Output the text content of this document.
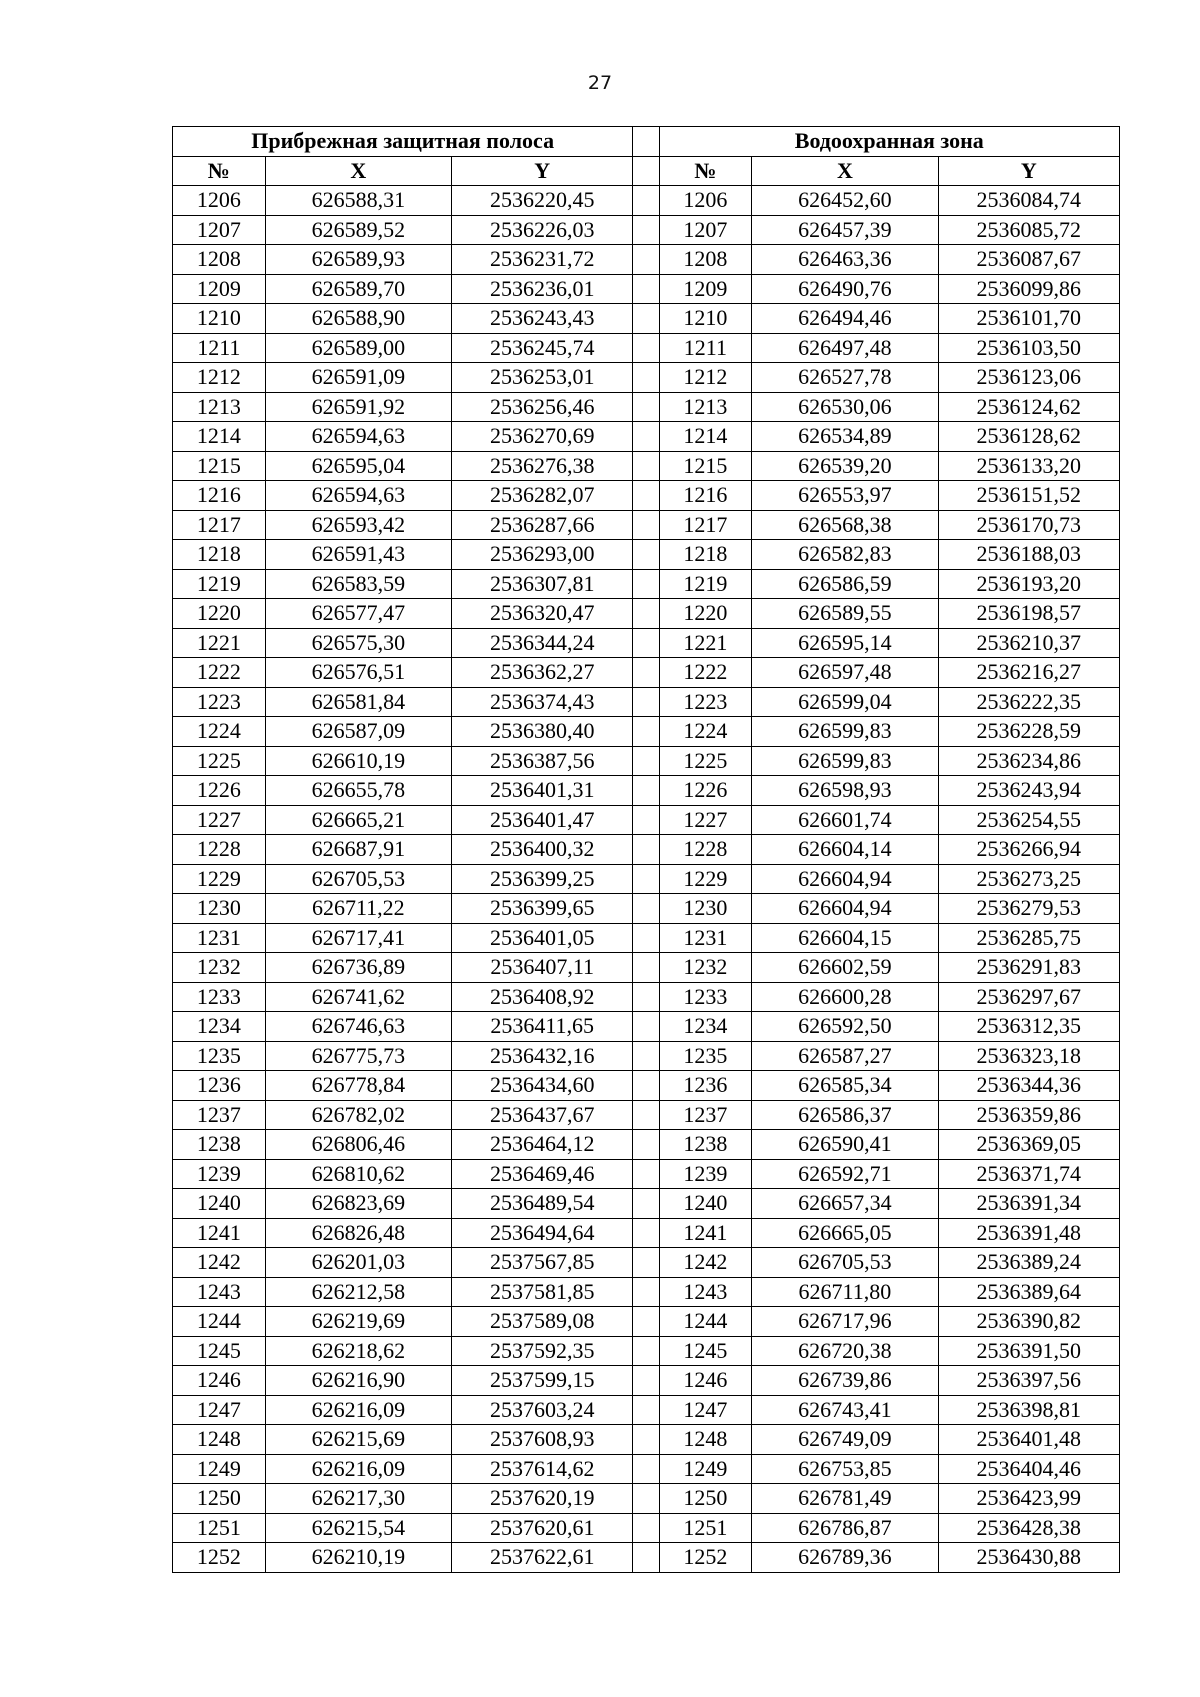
27
Прибрежная защитная полоса				Водоохранная зона		
№	X	Y		№	X	Y
1206	626588,31	2536220,45		1206	626452,60	2536084,74
1207	626589,52	2536226,03		1207	626457,39	2536085,72
1208	626589,93	2536231,72		1208	626463,36	2536087,67
1209	626589,70	2536236,01		1209	626490,76	2536099,86
1210	626588,90	2536243,43		1210	626494,46	2536101,70
1211	626589,00	2536245,74		1211	626497,48	2536103,50
1212	626591,09	2536253,01		1212	626527,78	2536123,06
1213	626591,92	2536256,46		1213	626530,06	2536124,62
1214	626594,63	2536270,69		1214	626534,89	2536128,62
1215	626595,04	2536276,38		1215	626539,20	2536133,20
1216	626594,63	2536282,07		1216	626553,97	2536151,52
1217	626593,42	2536287,66		1217	626568,38	2536170,73
1218	626591,43	2536293,00		1218	626582,83	2536188,03
1219	626583,59	2536307,81		1219	626586,59	2536193,20
1220	626577,47	2536320,47		1220	626589,55	2536198,57
1221	626575,30	2536344,24		1221	626595,14	2536210,37
1222	626576,51	2536362,27		1222	626597,48	2536216,27
1223	626581,84	2536374,43		1223	626599,04	2536222,35
1224	626587,09	2536380,40		1224	626599,83	2536228,59
1225	626610,19	2536387,56		1225	626599,83	2536234,86
1226	626655,78	2536401,31		1226	626598,93	2536243,94
1227	626665,21	2536401,47		1227	626601,74	2536254,55
1228	626687,91	2536400,32		1228	626604,14	2536266,94
1229	626705,53	2536399,25		1229	626604,94	2536273,25
1230	626711,22	2536399,65		1230	626604,94	2536279,53
1231	626717,41	2536401,05		1231	626604,15	2536285,75
1232	626736,89	2536407,11		1232	626602,59	2536291,83
1233	626741,62	2536408,92		1233	626600,28	2536297,67
1234	626746,63	2536411,65		1234	626592,50	2536312,35
1235	626775,73	2536432,16		1235	626587,27	2536323,18
1236	626778,84	2536434,60		1236	626585,34	2536344,36
1237	626782,02	2536437,67		1237	626586,37	2536359,86
1238	626806,46	2536464,12		1238	626590,41	2536369,05
1239	626810,62	2536469,46		1239	626592,71	2536371,74
1240	626823,69	2536489,54		1240	626657,34	2536391,34
1241	626826,48	2536494,64		1241	626665,05	2536391,48
1242	626201,03	2537567,85		1242	626705,53	2536389,24
1243	626212,58	2537581,85		1243	626711,80	2536389,64
1244	626219,69	2537589,08		1244	626717,96	2536390,82
1245	626218,62	2537592,35		1245	626720,38	2536391,50
1246	626216,90	2537599,15		1246	626739,86	2536397,56
1247	626216,09	2537603,24		1247	626743,41	2536398,81
1248	626215,69	2537608,93		1248	626749,09	2536401,48
1249	626216,09	2537614,62		1249	626753,85	2536404,46
1250	626217,30	2537620,19		1250	626781,49	2536423,99
1251	626215,54	2537620,61		1251	626786,87	2536428,38
1252	626210,19	2537622,61		1252	626789,36	2536430,88
